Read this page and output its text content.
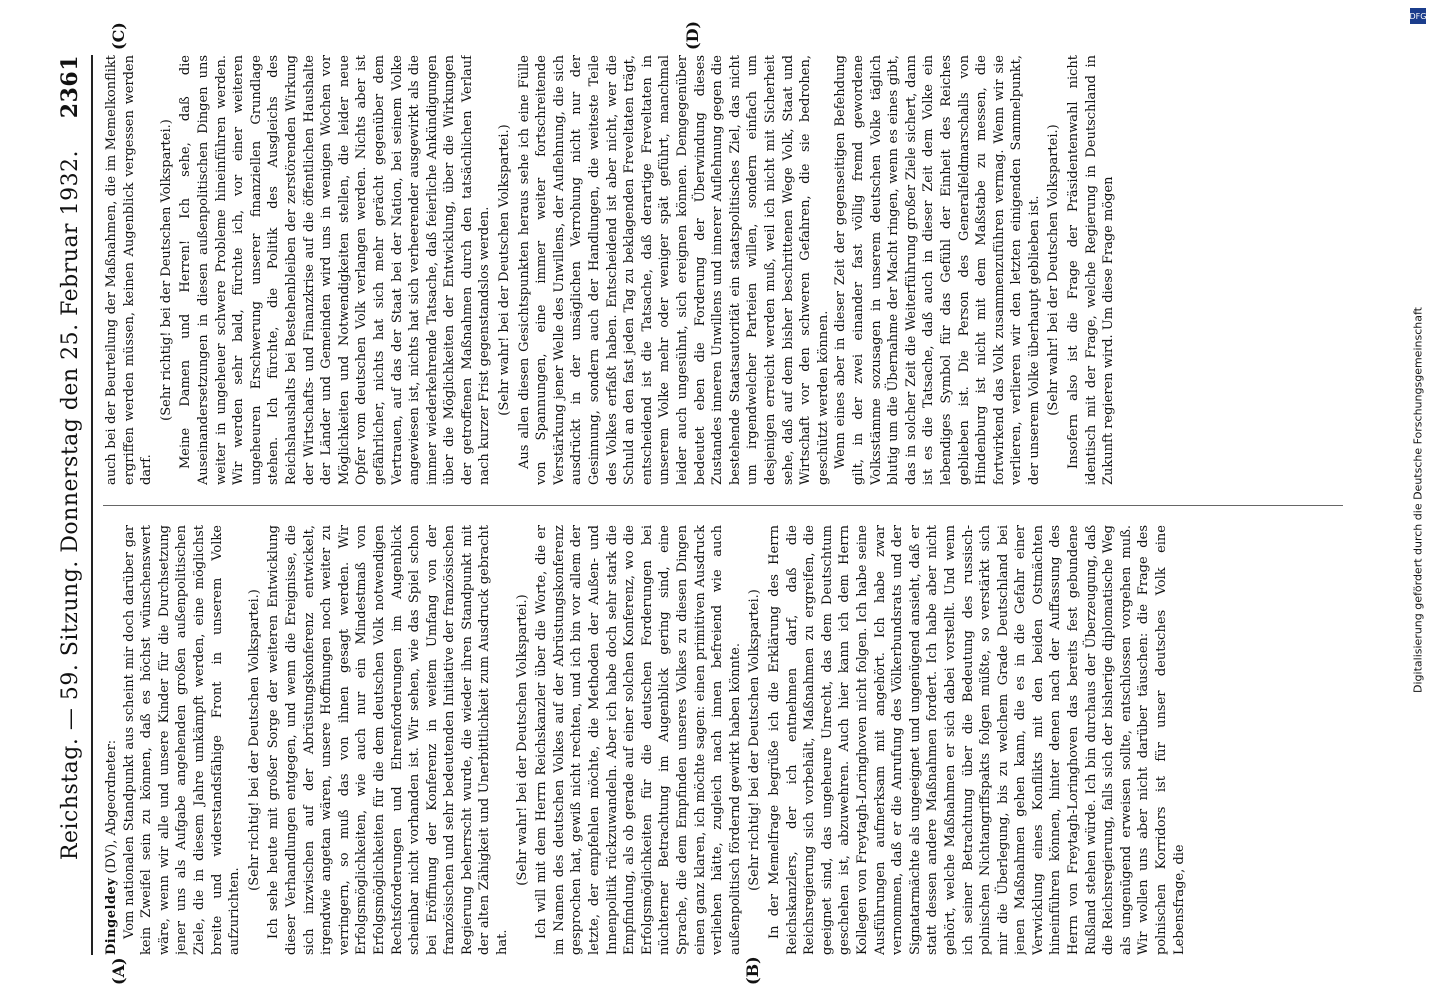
Reichstag. — 59. Sitzung. Donnerstag den 25. Februar 1932.
2361

Dingeldey (DV), Abgeordneter: Vom nationalen Standpunkt aus scheint mir doch darüber gar kein Zweifel sein zu können, daß es höchst wünschenswert wäre, wenn wir alle und unsere Kinder für die Durchsetzung jener uns als Aufgabe angehenden großen außenpolitischen Ziele, die in diesem Jahre umkämpft werden, eine möglichst breite und widerstandsfähige Front in unserem Volke aufzurichten.

(Sehr richtig! bei der Deutschen Volkspartei.) Ich sehe heute mit großer Sorge der weiteren Entwicklung dieser Verhandlungen entgegen, und wenn die Ereignisse, die sich inzwischen auf der Abrüstungskonferenz entwickelt, irgendwie angetan wären, unsere Hoffnungen noch weiter zu verringern, so muß das von ihnen gesagt werden. Wir Erfolgsmöglichkeiten, wie auch nur ein Mindestmaß von Erfolgsmöglichkeiten für die dem deutschen Volk notwendigen Rechtsforderungen und Ehrenforderungen im Augenblick scheinbar nicht vorhanden ist. Wir sehen, wie das Spiel schon bei Eröffnung der Konferenz in weitem Umfang von der französischen und sehr bedeutenden Initiative der französischen Regierung beherrscht wurde, die wieder ihren Standpunkt mit der alten Zähigkeit und Unerbittlichkeit zum Ausdruck gebracht hat.

(Sehr wahr! bei der Deutschen Volkspartei.) Ich will mit dem Herrn Reichskanzler über die Worte, die er im Namen des deutschen Volkes auf der Abrüstungskonferenz gesprochen hat, gewiß nicht rechten, und ich bin vor allem der letzte, der empfehlen möchte, die Methoden der Außen- und Innenpolitik rückzuwandeln. Aber ich habe doch sehr stark die Empfindung, als ob gerade auf einer solchen Konferenz, wo die Erfolgsmöglichkeiten für die deutschen Forderungen bei nüchterner Betrachtung im Augenblick gering sind, eine Sprache, die dem Empfinden unseres Volkes zu diesen Dingen einen ganz klaren, ich möchte sagen: einen primitiven Ausdruck verliehen hätte, zugleich nach innen befreiend wie auch außenpolitisch fördernd gewirkt haben könnte. (Sehr richtig! bei der Deutschen Volkspartei.) In der Memelfrage begrüße ich die Erklärung des Herrn Reichskanzlers, der ich entnehmen darf, daß die Reichsregierung sich vorbehält, Maßnahmen zu ergreifen, die geeignet sind, das ungeheure Unrecht, das dem Deutschtum geschehen ist, abzuwehren. Auch hier kann ich dem Herrn Kollegen von Freytagh-Loringhoven nicht folgen. Ich habe seine Ausführungen aufmerksam mit angehört. Ich habe zwar vernommen, daß er die Anrufung des Völkerbundsrats und der Signatarmächte als ungeeignet und ungenügend ansieht, daß er statt dessen andere Maßnahmen fordert. Ich habe aber nicht gehört, welche Maßnahmen er sich dabei vorstellt. Und wenn ich seiner Betrachtung über die Bedeutung des russisch-polnischen Nichtangriffspakts folgen müßte, so verstärkt sich mir die Überlegung, bis zu welchem Grade Deutschland bei jenen Maßnahmen gehen kann, die es in die Gefahr einer Verwicklung eines Konflikts mit den beiden Ostmächten hineinführen können, hinter denen nach der Auffassung des Herrn von Freytagh-Loringhoven das bereits fest gebundene Rußland stehen würde. Ich bin durchaus der Überzeugung, daß die Reichsregierung, falls sich der bisherige diplomatische Weg als ungenügend erweisen sollte, entschlossen vorgehen muß. Wir wollen uns aber nicht darüber täuschen: die Frage des polnischen Korridors ist für unser deutsches Volk eine Lebensfrage, die

auch bei der Beurteilung der Maßnahmen, die im Memelkonflikt ergriffen werden müssen, keinen Augenblick vergessen werden darf.

(Sehr richtig! bei der Deutschen Volkspartei.) Meine Damen und Herren! Ich sehe, daß die Auseinandersetzungen in diesen außenpolitischen Dingen uns weiter in ungeheuer schwere Probleme hineinführen werden. Wir werden sehr bald, fürchte ich, vor einer weiteren ungeheuren Erschwerung unserer finanziellen Grundlage stehen. Ich fürchte, die Politik des Ausgleichs des Reichshaushalts bei Bestehenbleiben der zerstörenden Wirkung der Wirtschafts- und Finanzkrise auf die öffentlichen Haushalte der Länder und Gemeinden wird uns in wenigen Wochen vor Möglichkeiten und Notwendigkeiten stellen, die leider neue Opfer vom deutschen Volk verlangen werden. Nichts aber ist gefährlicher, nichts hat sich mehr gerächt gegenüber dem Vertrauen, auf das der Staat bei der Nation, bei seinem Volke angewiesen ist, nichts hat sich verheerender ausgewirkt als die immer wiederkehrende Tatsache, daß feierliche Ankündigungen über die Möglichkeiten der Entwicklung, über die Wirkungen der getroffenen Maßnahmen durch den tatsächlichen Verlauf nach kurzer Frist gegenstandslos werden. (Sehr wahr! bei der Deutschen Volkspartei.) Aus allen diesen Gesichtspunkten heraus sehe ich eine Fülle von Spannungen, eine immer weiter fortschreitende Verstärkung jener Welle des Unwillens, der Auflehnung, die sich ausdrückt in der unsäglichen Verrohung nicht nur der Gesinnung, sondern auch der Handlungen, die weiteste Teile des Volkes erfaßt haben. Entscheidend ist aber nicht, wer die Schuld an den fast jeden Tag zu beklagenden Freveltaten trägt, entscheidend ist die Tatsache, daß derartige Freveltaten in unserem Volke mehr oder weniger spät geführt, manchmal leider auch ungesühnt, sich ereignen können. Demgegenüber bedeutet eben die Forderung der Überwindung dieses Zustandes inneren Unwillens und innerer Auflehnung gegen die bestehende Staatsautorität ein staatspolitisches Ziel, das nicht um irgendwelcher Parteien willen, sondern einfach um desjenigen erreicht werden muß, weil ich nicht mit Sicherheit sehe, daß auf dem bisher beschrittenen Wege Volk, Staat und Wirtschaft vor den schweren Gefahren, die sie bedrohen, geschützt werden können. Wenn eines aber in dieser Zeit der gegenseitigen Befehdung gilt, in der zwei einander fast völlig fremd gewordene Volksstämme sozusagen in unserem deutschen Volke täglich blutig um die Übernahme der Macht ringen, wenn es eines gibt, das in solcher Zeit die Weiterführung großer Ziele sichert, dann ist es die Tatsache, daß auch in dieser Zeit dem Volke ein lebendiges Symbol für das Gefühl der Einheit des Reiches geblieben ist. Die Person des Generalfeldmarschalls von Hindenburg ist nicht mit dem Maßstabe zu messen, die fortwirkend das Volk zusammenzuführen vermag. Wenn wir sie verlieren, verlieren wir den letzten einigenden Sammelpunkt, der unserem Volke überhaupt geblieben ist. (Sehr wahr! bei der Deutschen Volkspartei.) Insofern also ist die Frage der Präsidentenwahl nicht identisch mit der Frage, welche Regierung in Deutschland in Zukunft regieren wird. Um diese Frage mögen

(A)	(B)
(C)	(D)
DFG
Digitalisierung gefördert durch die Deutsche Forschungsgemeinschaft
